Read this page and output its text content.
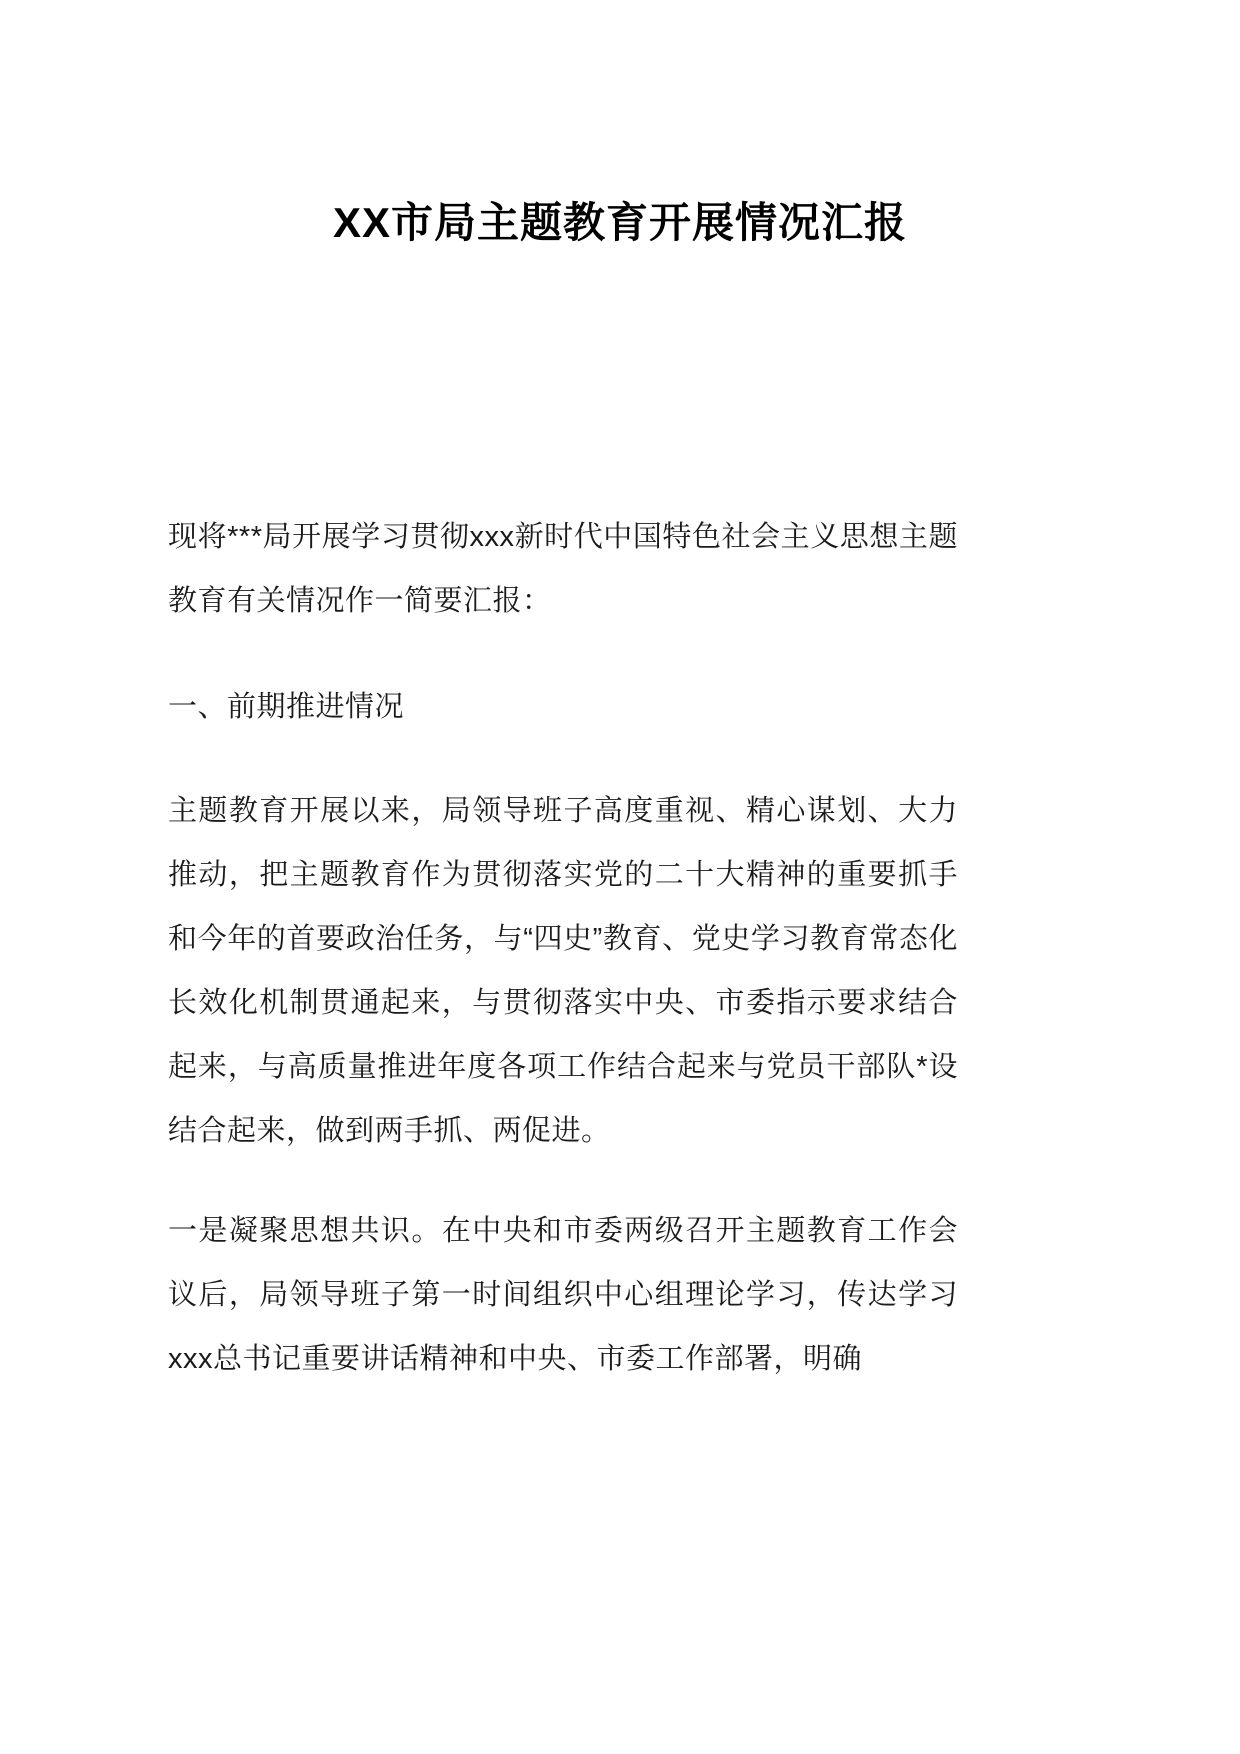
XX市局主题教育开展情况汇报

现将***局开展学习贯彻xxx新时代中国特色社会主义思想主题教育有关情况作一简要汇报：

一、前期推进情况

主题教育开展以来，局领导班子高度重视、精心谋划、大力推动，把主题教育作为贯彻落实党的二十大精神的重要抓手和今年的首要政治任务，与“四史”教育、党史学习教育常态化长效化机制贯通起来，与贯彻落实中央、市委指示要求结合起来，与高质量推进年度各项工作结合起来与党员干部队*设结合起来，做到两手抓、两促进。

一是凝聚思想共识。在中央和市委两级召开主题教育工作会议后，局领导班子第一时间组织中心组理论学习，传达学习xxx总书记重要讲话精神和中央、市委工作部署，明确
